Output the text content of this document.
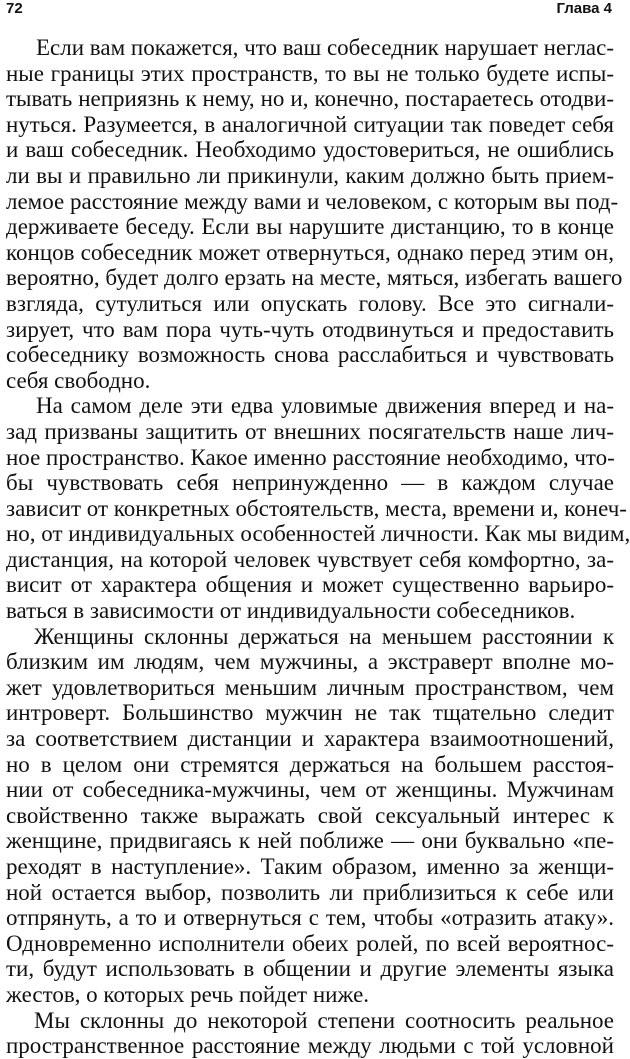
72	Глава 4

Если вам покажется, что ваш собеседник нарушает неглас-
ные границы этих пространств, то вы не только будете испы-
тывать неприязнь к нему, но и, конечно, постараетесь отодви-
нуться. Разумеется, в аналогичной ситуации так поведет себя
и ваш собеседник. Необходимо удостовериться, не ошиблись
ли вы и правильно ли прикинули, каким должно быть прием-
лемое расстояние между вами и человеком, с которым вы под-
держиваете беседу. Если вы нарушите дистанцию, то в конце
концов собеседник может отвернуться, однако перед этим он,
вероятно, будет долго ерзать на месте, мяться, избегать вашего
взгляда, сутулиться или опускать голову. Все это сигнали-
зирует, что вам пора чуть-чуть отодвинуться и предоставить
собеседнику возможность снова расслабиться и чувствовать
себя свободно.

На самом деле эти едва уловимые движения вперед и на-
зад призваны защитить от внешних посягательств наше лич-
ное пространство. Какое именно расстояние необходимо, что-
бы чувствовать себя непринужденно — в каждом случае
зависит от конкретных обстоятельств, места, времени и, конеч-
но, от индивидуальных особенностей личности. Как мы видим,
дистанция, на которой человек чувствует себя комфортно, за-
висит от характера общения и может существенно варьиро-
ваться в зависимости от индивидуальности собеседников.

Женщины склонны держаться на меньшем расстоянии к
близким им людям, чем мужчины, а экстраверт вполне мо-
жет удовлетвориться меньшим личным пространством, чем
интроверт. Большинство мужчин не так тщательно следит
за соответствием дистанции и характера взаимоотношений,
но в целом они стремятся держаться на большем расстоя-
нии от собеседника-мужчины, чем от женщины. Мужчинам
свойственно также выражать свой сексуальный интерес к
женщине, придвигаясь к ней поближе — они буквально «пе-
реходят в наступление». Таким образом, именно за женщи-
ной остается выбор, позволить ли приблизиться к себе или
отпрянуть, а то и отвернуться с тем, чтобы «отразить атаку».
Одновременно исполнители обеих ролей, по всей вероятнос-
ти, будут использовать в общении и другие элементы языка
жестов, о которых речь пойдет ниже.

Мы склонны до некоторой степени соотносить реальное
пространственное расстояние между людьми с той условной
